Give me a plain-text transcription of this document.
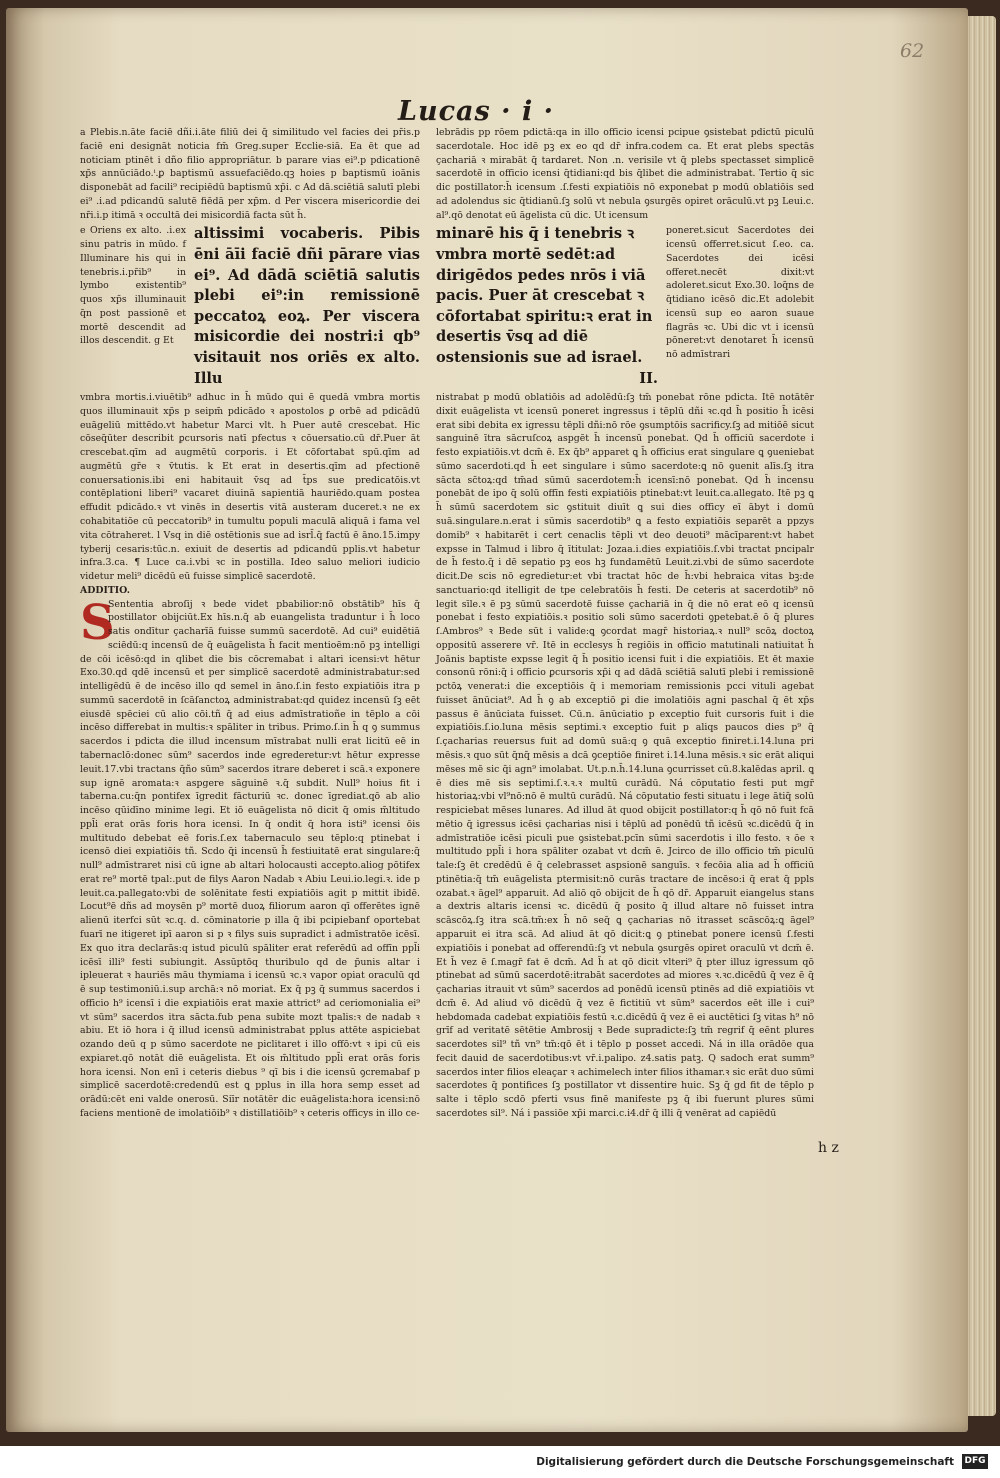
62
Lucas · i ·

a Plebis.n.āte faciē dñi.i.āte filiū dei q̄ similitudo vel facies dei pr̄is.p faciē eni designāt noticia fm̄ Greg.super Ecclie-siā. Ea ēt que ad noticiam ptinēt i dño filio appropriātur. b parare vias ei⁹.p pdicationē xp̄s annūciādo.ⁱ.ꝑ baptismū assuefaciēdo.qꝫ hoies p baptismū ioānis disponebāt ad facili⁹ recipiēdū baptismū xp̄i. c Ad dā.sciētiā salutī plebi ei⁹ .i.ad pdicandū salutē fiēdā per xp̄m. d Per viscera misericordie dei nr̄i.i.p itimā ꝛ occultā dei misicordiā facta sūt h̄.

e Oriens ex alto. .i.ex sinu patris in mūdo. f Illuminare his qui in tenebris.i.pr̄ib⁹ in lymbo existentib⁹ quos xp̄s illuminauit q̄n post passionē et mortē descendit ad illos descendit. g Et

altissimi vocaberis. Pibis ēni āīi faciē dñi pārare vias ei⁹. Ad dādā sciētiā salutis plebi ei⁹:in remissionē peccatoꝝ eoꝝ. Per viscera misicordie dei nostri:i qb⁹ visitauit nos oriēs ex alto. Illu

vmbra mortis.i.viuētib⁹ adhuc in h̄ mūdo qui ē quedā vmbra mortis quos illuminauit xp̄s p seipm̄ pdicādo ꝛ apostolos ꝑ orbē ad pdicādū euāgeliū mittēdo.vt habetur Marci vlt. h Puer autē crescebat. Hic cōseq̄ūter describit ꝑcursoris natī pfectus ꝛ cōuersatio.cū dr̄.Puer āt crescebat.qīm ad augmētū corporis. i Et cōfortabat spū.qīm ad augmētū gr̄e ꝛ v̄tutis. k Et erat in desertis.qīm ad pfectionē conuersationis.ibi eni habitauit v̄sq ad t̄ps sue predicatōis.vt contēplationi liberi⁹ vacaret diuinā sapientiā hauriēdo.quam postea effudit pdicādo.ꝛ vt vinēs in desertis vitā austeram duceret.ꝛ ne ex cohabitatiōe cū peccatorib⁹ in tumultu populi maculā aliquā i fama vel vita cōtraheret. l Vsq in diē ostētionis sue ad isrl̄.q̄ factū ē āno.15.impy tyberij cesaris:tūc.n. exiuit de desertis ad pdicandū pplis.vt habetur infra.3.ca. ¶ Luce ca.i.vbi ꝛc in postilla. Ideo saluo meliori iudicio videtur meli⁹ dicēdū eū fuisse simplicē sacerdotē.

ADDITIO.

S
Sententia abroſij ꝛ bede videt pbabilior:nō obstātib⁹ hīs q̄ postillator obijciūt.Ex hīs.n.q̄ ab euangelista traduntur i h̄ loco satis ondītur çacharīā fuisse summū sacerdotē. Ad cui⁹ euidētiā sciēdū:q incensū de q̄ euāgelista h̄ facit mentioēm:nō pꝫ intelligi de cōi icēsō:qd in qlibet die bis cōcremabat i altari icensi:vt hētur Exo.30.qd qdē incensū et per simplicē sacerdotē administrabatur:sed intelligēdū ē de incēso illo qd semel in āno.ſ.in festo expiatiōis itra p summū sacerdotē in ſcāſanctoꝝ administrabat:qd quidez incensū ſꝫ eēt eiusdē spēciei cū alio cōi.tñ q̄ ad eius admīstratioñe in tēplo a cōi incēso differebat in multis:ꝛ spāliter in tribus. Primo.ſ.in h̄ q ꝯ summus sacerdos i pdicta die illud incensum mīstrabat nulli erat licitū eē in tabernaclō:donec sūm⁹ sacerdos inde egrederetur:vt hētur expresse leuit.17.vbi tractans q̄ño sūm⁹ sacerdos itrare deberet i scā.ꝛ exponere sup ignē aromata:ꝛ aspgere sāguinē ꝛ.q̄ subdit. Null⁹ hoius fit i taberna.cu:q̄n pontifex īgredit fācturiū ꝛc. donec īgrediat.qō ab alio incēso qūidīno minime legi. Et iō euāgelista nō dicit q̄ omis m̄ltitudo ppl̄i erat orās foris hora icensi. In q̄ ondit q̄ hora isti⁹ icensi ōis multitudo debebat eē foris.ſ.ex tabernaculo seu tēplo:q ptinebat i icensō diei expiatiōis tñ. Scdo q̄i incensū h̄ festiuitatē erat singulare:q̄ null⁹ admīstraret nisi cū igne ab altari holocausti accepto.aliog pōtifex erat re⁹ mortē tpal:.put de filys Aaron Nadab ꝛ Abiu Leui.io.legi.ꝛ. ide p leuit.ca.pallegato:vbi de solēnitate festi expiatiōis agit p mittit ibidē. Locut⁹ē dñs ad moysēn p⁹ mortē duoꝝ filiorum aaron qī offerētes ignē alienū iterfci sūt ꝛc.q. d. cōminatorie p illa q̄ ibi pcipiebanf oportebat fuarī ne itigeret ipī aaron si p ꝛ filys suis supradict i admīstratōe icēsī. Ex quo itra declarās:q istud piculū spāliter erat referēdū ad offīn ppl̄i icēsī illi⁹ festi subiungit. Assūptōq thuribulo qd de p̄unis altar i ipleuerat ꝛ hauriēs māu thymiama i icensū ꝛc.ꝛ vapor opiat oraculū qd ē sup testimoniū.i.sup archā:ꝛ nō moriat. Ex q̄ pꝫ q̄ summus sacerdos i officio h⁹ icensī i die expiatiōis erat maxie attrict⁹ ad ceriomonialia ei⁹ vt sūm⁹ sacerdos itra sācta.fub pena subite mozt tpalis:ꝛ de nadab ꝛ abiu. Et iō hora i q̄ illud icensū administrabat pplus attēte aspiciebat ozando deū q p sūmo sacerdote ne piclitaret i illo offō:vt ꝛ ipi cū eis expiaret.qō notāt diē euāgelista. Et ois m̄ltitudo ppl̄i erat orās foris hora icensi. Non enī i ceteris diebus ⁹ qī bis i die icensū ꝯcremabaf p simplicē sacerdotē:credendū est ꝗ pplus in illa hora semp esset ad orādū:cēt eni valde onerosū. Siīr notātēr dic euāgelista:hora icensi:nō faciens mentionē de imolatiōib⁹ ꝛ distillatiōib⁹ ꝛ ceteris officys in illo ce-

lebrādis pp rōem pdictā:qa in illo officio icensi pcipue ꝯsistebat pdictū piculū sacerdotale. Hoc idē pꝫ ex eo qd dr̄ infra.codem ca. Et erat plebs spectās çachariā ꝛ mirabāt q̄ tardaret. Non .n. verisile vt q̄ plebs spectasset simplicē sacerdotē in officio icensi q̄tidiani:qd bis q̄libet die administrabat. Tertio q̄ sic dic postillator:h̄ icensum .ſ.festi expiatiōis nō exponebat p modū oblatiōis sed ad adolendus sic q̄tidianū.ſꝫ solū vt nebula ꝯsurgēs opiret orāculū.vt pꝫ Leui.c. al⁹.qō denotat eū āgelista cū dic. Ut icensum

minarē his q̄ i tenebris ꝛ vmbra mortē sedēt:ad dirigēdos pedes nrōs i viā pacis. Puer āt crescebat ꝛ cōfortabat spiritu:ꝛ erat in desertis v̄sq ad diē ostensionis sue ad israel.
II.

poneret.sicut Sacerdotes dei icensū offerret.sicut ſ.eo. ca. Sacerdotes dei icēsi offeret.necēt dixit:vt adoleret.sicut Exo.30. loq̄ns de q̄tidiano icēsō dic.Et adolebit icensū sup eo aaron suaue flagrās ꝛc. Ubi dic vt i icensū pōneret:vt denotaret h̄ icensū nō admīstrari

nistrabat p modū oblatiōis ad adolēdū:ſꝫ tm̄ ponebat rōne pdicta. Itē notātēr dixit euāgelista vt icensū poneret ingressus i tēplū dñi ꝛc.qd h̄ positio h̄ icēsi erat sibi debita ex igressu tēpli dñi:nō rōe ꝯsumptōis sacrificy.ſꝫ ad mitiōē sicut sanguinē ītra sācruſcoꝝ aspgēt h̄ incensū ponebat. Qd h̄ officiū sacerdote i festo expiatiōis.vt dcm̄ ē. Ex q̄b⁹ apparet ꝗ h̄ officius erat singulare ꝗ ꝯueniebat sūmo sacerdoti.qd h̄ eet singulare i sūmo sacerdote:ꝗ nō ꝯuenit alīs.ſꝫ itra sācta sc̄toꝝ:qd tm̄ad sūmū sacerdotem:h̄ icensī:nō ponebat. Qd h̄ incensu ponebāt de ipo q̄ solū offīn festi expiatiōis ptinebat:vt leuit.ca.allegato. Itē pꝫ ꝗ h̄ sūmū sacerdotem sic ꝯstituit diuīt ꝗ sui dies officy eī ābyt i domū suā.singulare.n.erat i sūmis sacerdotib⁹ ꝗ a festo expiatiōis separēt a ppzys domib⁹ ꝛ habitarēt i cert cenaclis tēpli vt deo deuoti⁹ mācīparent:vt habet expsse in Talmud i libro q̄ ītitulat: Jozaa.i.dies expiatiōis.ſ.vbi tractat pncipalr de h̄ festo.q̄ i dē sepatio pꝫ eos hꝫ fundamētū Leuit.zi.vbi de sūmo sacerdote dicit.De scis nō egredietur:et vbi tractat hōc de h̄:vbi hebraica vitas bꝫ:de sanctuario:qd itelligit de tpe celebratōis h̄ festi. De ceteris at sacerdotib⁹ nō legit sīle.ꝛ ē pꝫ sūmū sacerdotē fuisse çachariā in q̄ die nō erat eō q icensū ponebat i festo expiatiōis.ꝛ positio soli sūmo sacerdoti ꝯpetebat.ē ō q̄ plures ſ.Ambros⁹ ꝛ Bede sūt i valide:ꝗ ꝯcordat magr̄ historiaꝝ.ꝛ null⁹ scōꝝ doctoꝝ oppositū asserere vr̄. Itē in ecclesys h̄ regiōis in officio matutinali natiuitat h̄ Joānis baptiste expsse legit q̄ h̄ positio icensi fuit i die expiatiōis. Et ēt maxie consonū rōni:q̄ i officio ꝑcursoris xp̄i q ad dādā sciētiā salutī plebi i remissionē pctōꝝ venerat:i die exceptiōis q̄ i memoriam remissionis pcci vituli agebat fuisset ānūciat⁹. Ad h̄ ꝯ ab exceptiō ꝑi die imolatiōis agni paschal q̄ ēt xp̄s passus ē ānūciata fuisset. Cū.n. ānūciatio p exceptio fuit cursoris fuit i die expiatiōis.ſ.io.luna mēsis septimi.ꝛ exceptio fuit p aliqs paucos dies p⁹ q̄ ſ.çacharias reuersus fuit ad domū suā:q ꝯ quā exceptio finiret.i.14.luna pri mēsis.ꝛ quo sūt q̄nq̄ mēsis a dcā ꝯceptiōe finiret i.14.luna mēsis.ꝛ sic erāt aliqui mēses mē sic q̄i agn⁹ imolabat. Ut.p.n.h̄.14.luna ꝯcurrisset cū.8.kalēdas april. ꝗ ē dies mē sis septimi.ſ.ꝛ.ꝛ.ꝛ multū curādū. Ná cōputatio festi put mgr̄ historiaꝝ:vbi vl⁹nō:nō ē multū curādū. Ná cōputatio festi situatu i lege ātiq̄ solū respiciebat mēses lunares. Ad illud āt quod obijcit postillator:q h̄ qō nō fuit fcā mētio q̄ igressus icēsi çacharias nisi i tēplū ad ponēdū tñ icēsū ꝛc.dicēdū q̄ in admīstratiōe icēsi piculi pue ꝯsistebat.pcīn sūmi sacerdotis i illo festo. ꝛ ōe ꝛ multitudo ppl̄i i hora spāliter ozabat vt dcm̄ ē. Jcirco de illo officio tm̄ piculū tale:ſꝫ ēt credēdū ē q̄ celebrasset aspsionē sanguīs. ꝛ fecōia alia ad h̄ officiū ptinētia:q̄ tm̄ euāgelista ptermisit:nō curās tractare de incēso:i q̄ erat q̄ ppls ozabat.ꝛ āgel⁹ apparuit. Ad aliō qō obijcit de h̄ qō dr̄. Apparuit eiangelus stans a dextris altaris icensi ꝛc. dicēdū q̄ posito q̄ illud altare nō fuisset intra scāscōꝝ.ſꝫ itra scā.tm̄:ex h̄ nō seq̄ ꝗ çacharias nō itrasset scāscōꝝ:ꝗ āgel⁹ apparuit ei itra scā. Ad aliud āt qō dicit:ꝗ ꝯ ptinebat ponere icensū ſ.festi expiatiōis i ponebat ad offerendū:ſꝫ vt nebula ꝯsurgēs opiret oraculū vt dcm̄ ē. Et h̄ vez ē ſ.magr̄ fat ē dcm̄. Ad h̄ at qō dicit vlteri⁹ q̄ pter illuz igressum qō ptinebat ad sūmū sacerdotē:itrabāt sacerdotes ad miores ꝛ.ꝛc.dicēdū q̄ vez ē q̄ çacharias itrauit vt sūm⁹ sacerdos ad ponēdū icensū ptinēs ad diē expiatiōis vt dcm̄ ē. Ad aliud vō dicēdū q̄ vez ē fictitiū vt sūm⁹ sacerdos eēt ille i cui⁹ hebdomada cadebat expiatiōis festū ꝛ.c.dicēdū q̄ vez ē ei auctētici ſꝫ vitas h⁹ nō grīf ad veritatē sētētie Ambrosij ꝛ Bede supradicte:ſꝫ tm̄ regrif q̄ eēnt plures sacerdotes sil⁹ tñ vn⁹ tm̄:qō ēt i tēplo p posset accedi. Ná in illa orādōe qua fecit dauid de sacerdotibus:vt vr̄.i.palipo. z4.satis patꝫ. Q sadoch erat summ⁹ sacerdos inter filios eleaçar ꝛ achimelech inter filios ithamar.ꝛ sic erāt duo sūmi sacerdotes q̄ pontifices ſꝫ postillator vt dissentire huic. Sꝫ q̄ gd fit de tēplo p salte i tēplo scdō pferti vsus finē manifeste pꝫ q̄ ibi fuerunt plures sūmi sacerdotes sil⁹. Ná i passiōe xp̄i marci.c.i4.dr̄ q̄ illi q̄ venērat ad capiēdū

h z
Digitalisierung gefördert durch die Deutsche Forschungsgemeinschaft DFG
